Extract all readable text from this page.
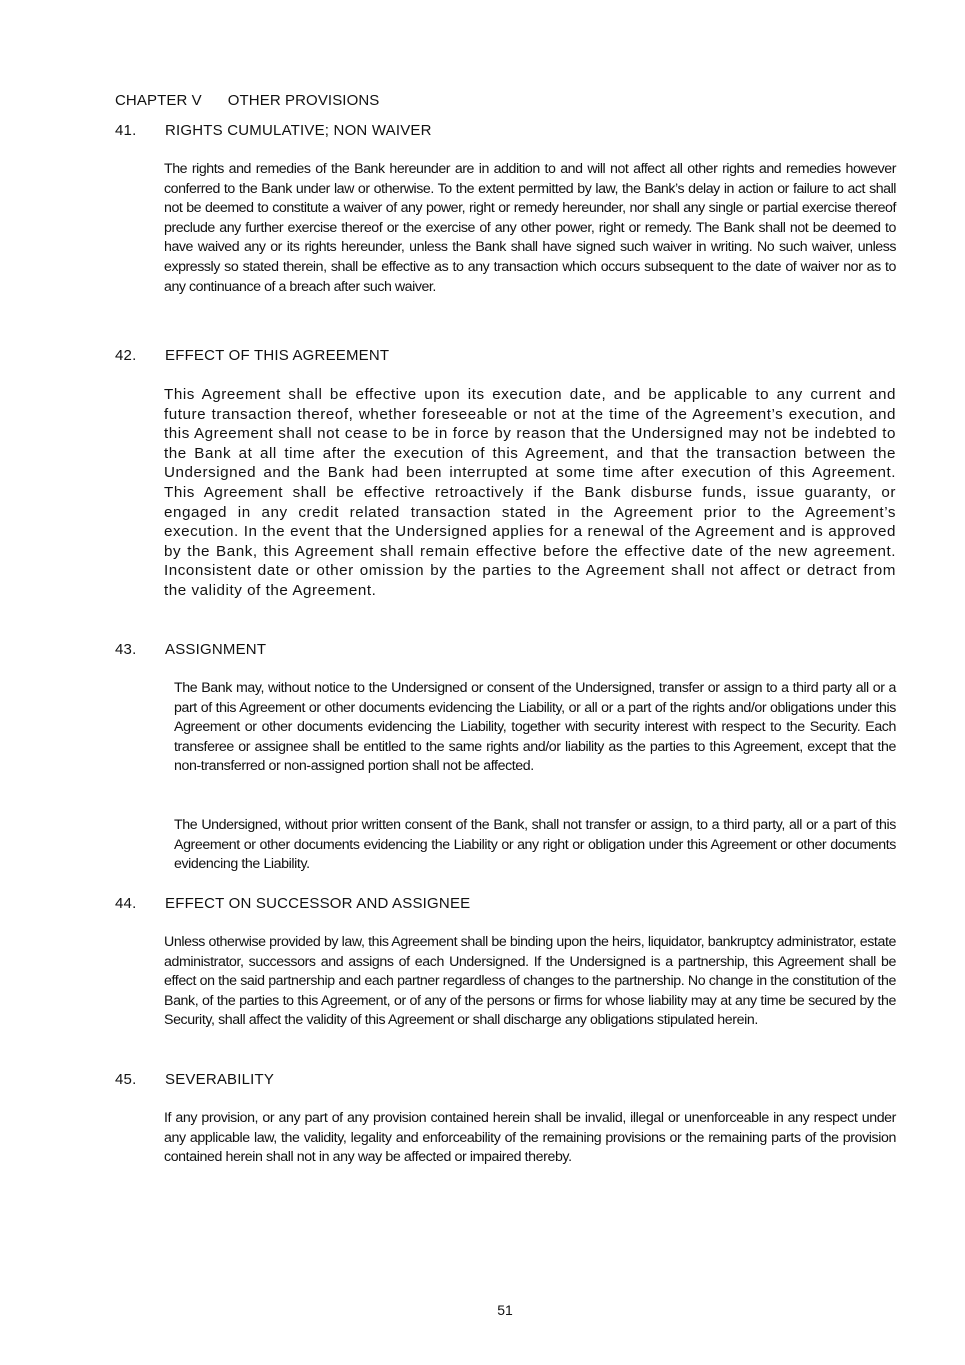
CHAPTER V OTHER PROVISIONS
41. RIGHTS CUMULATIVE; NON WAIVER

The rights and remedies of the Bank hereunder are in addition to and will not affect all other rights and remedies however conferred to the Bank under law or otherwise. To the extent permitted by law, the Bank’s delay in action or failure to act shall not be deemed to constitute a waiver of any power, right or remedy hereunder, nor shall any single or partial exercise thereof preclude any further exercise thereof or the exercise of any other power, right or remedy. The Bank shall not be deemed to have waived any or its rights hereunder, unless the Bank shall have signed such waiver in writing. No such waiver, unless expressly so stated therein, shall be effective as to any transaction which occurs subsequent to the date of waiver nor as to any continuance of a breach after such waiver.

42. EFFECT OF THIS AGREEMENT

This Agreement shall be effective upon its execution date, and be applicable to any current and future transaction thereof, whether foreseeable or not at the time of the Agreement’s execution, and this Agreement shall not cease to be in force by reason that the Undersigned may not be indebted to the Bank at all time after the execution of this Agreement, and that the transaction between the Undersigned and the Bank had been interrupted at some time after execution of this Agreement. This Agreement shall be effective retroactively if the Bank disburse funds, issue guaranty, or engaged in any credit related transaction stated in the Agreement prior to the Agreement’s execution. In the event that the Undersigned applies for a renewal of the Agreement and is approved by the Bank, this Agreement shall remain effective before the effective date of the new agreement. Inconsistent date or other omission by the parties to the Agreement shall not affect or detract from the validity of the Agreement.

43. ASSIGNMENT

The Bank may, without notice to the Undersigned or consent of the Undersigned, transfer or assign to a third party all or a part of this Agreement or other documents evidencing the Liability, or all or a part of the rights and/or obligations under this Agreement or other documents evidencing the Liability, together with security interest with respect to the Security. Each transferee or assignee shall be entitled to the same rights and/or liability as the parties to this Agreement, except that the non-transferred or non-assigned portion shall not be affected.

The Undersigned, without prior written consent of the Bank, shall not transfer or assign, to a third party, all or a part of this Agreement or other documents evidencing the Liability or any right or obligation under this Agreement or other documents evidencing the Liability.

44. EFFECT ON SUCCESSOR AND ASSIGNEE

Unless otherwise provided by law, this Agreement shall be binding upon the heirs, liquidator, bankruptcy administrator, estate administrator, successors and assigns of each Undersigned. If the Undersigned is a partnership, this Agreement shall be effect on the said partnership and each partner regardless of changes to the partnership. No change in the constitution of the Bank, of the parties to this Agreement, or of any of the persons or firms for whose liability may at any time be secured by the Security, shall affect the validity of this Agreement or shall discharge any obligations stipulated herein.

45. SEVERABILITY

If any provision, or any part of any provision contained herein shall be invalid, illegal or unenforceable in any respect under any applicable law, the validity, legality and enforceability of the remaining provisions or the remaining parts of the provision contained herein shall not in any way be affected or impaired thereby.

51
